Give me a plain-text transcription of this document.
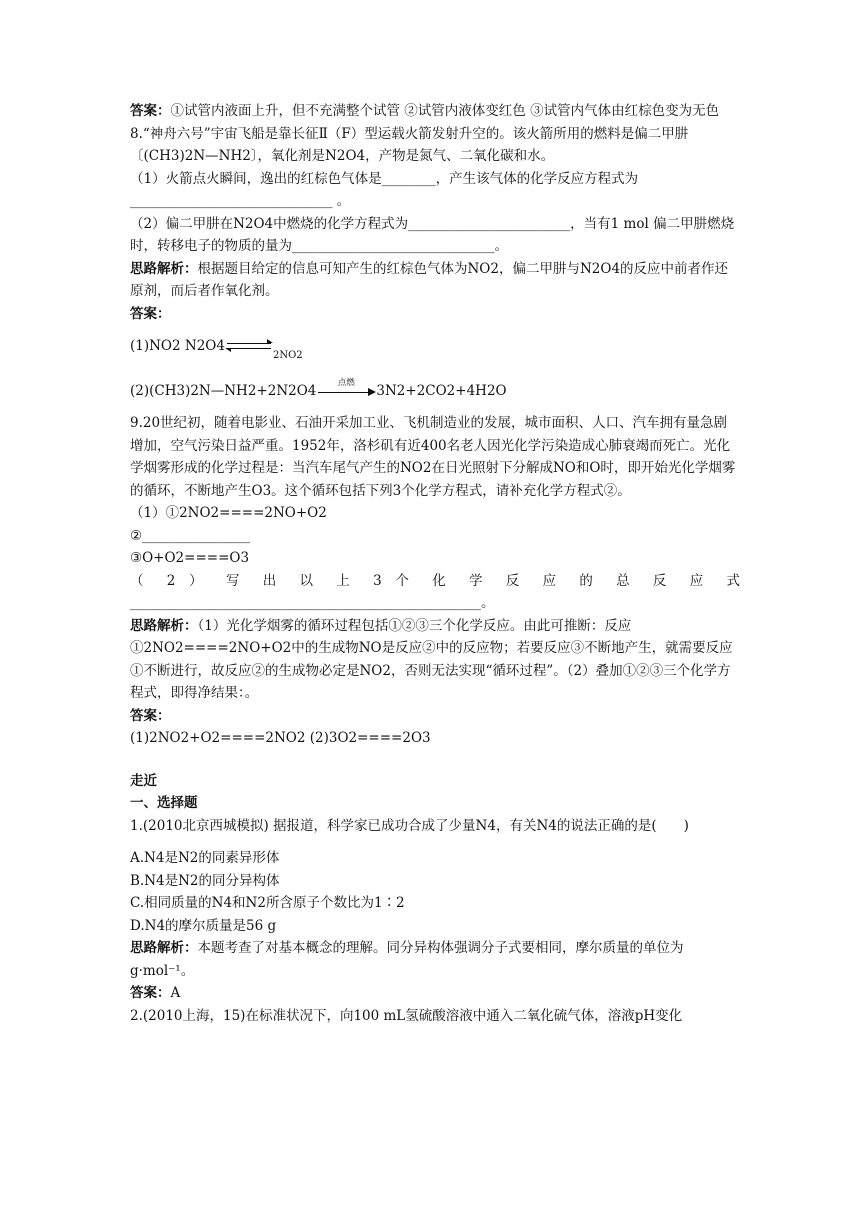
答案：①试管内液面上升，但不充满整个试管 ②试管内液体变红色 ③试管内气体由红棕色变为无色

8.“神舟六号”宇宙飞船是靠长征Ⅱ（F）型运载火箭发射升空的。该火箭所用的燃料是偏二甲肼〔(CH3)2N—NH2〕，氧化剂是N2O4，产物是氮气、二氧化碳和水。

（1）火箭点火瞬间，逸出的红棕色气体是________，产生该气体的化学反应方程式为______________________________ 。

（2）偏二甲肼在N2O4中燃烧的化学方程式为________________________，当有1 mol 偏二甲肼燃烧时，转移电子的物质的量为______________________________。

思路解析：根据题目给定的信息可知产生的红棕色气体为NO2，偏二甲肼与N2O4的反应中前者作还原剂，而后者作氧化剂。

答案：

(1)NO2 N2O4
$_{2NO2}$
(2)(CH3)2N—NH2+2N2O4	点燃	3N2+2CO2+4H2O

9.20世纪初，随着电影业、石油开采加工业、飞机制造业的发展，城市面积、人口、汽车拥有量急剧增加，空气污染日益严重。1952年，洛杉矶有近400名老人因光化学污染造成心肺衰竭而死亡。光化学烟雾形成的化学过程是：当汽车尾气产生的NO2在日光照射下分解成NO和O时，即开始光化学烟雾的循环，不断地产生O3。这个循环包括下列3个化学方程式，请补充化学方程式②。

（1）①2NO2====2NO+O2

②________________

③O+O2====O3

（ 2 ） 写 出 以 上 3 个 化 学 反 应 的 总 反 应 式

____________________________________________________。

思路解析：（1）光化学烟雾的循环过程包括①②③三个化学反应。由此可推断：反应①2NO2====2NO+O2中的生成物NO是反应②中的反应物；若要反应③不断地产生，就需要反应①不断进行，故反应②的生成物必定是NO2，否则无法实现“循环过程”。（2）叠加①②③三个化学方程式，即得净结果：。

答案：

(1)2NO2+O2====2NO2 (2)3O2====2O3

走近

一、选择题

1.(2010北京西城模拟) 据报道，科学家已成功合成了少量N4，有关N4的说法正确的是(　　)

A.N4是N2的同素异形体

B.N4是N2的同分异构体

C.相同质量的N4和N2所含原子个数比为1∶2

D.N4的摩尔质量是56 g

思路解析：本题考查了对基本概念的理解。同分异构体强调分子式要相同，摩尔质量的单位为g·mol⁻¹。

答案：A

2.(2010上海，15)在标准状况下，向100 mL氢硫酸溶液中通入二氧化硫气体，溶液pH变化
